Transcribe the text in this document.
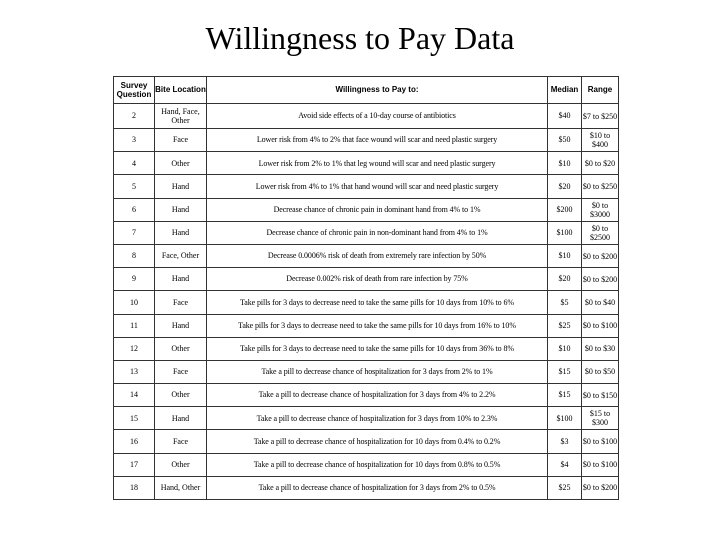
Willingness to Pay Data
Survey Question	Bite Location	Willingness to Pay to:	Median	Range
2	Hand, Face, Other	Avoid side effects of a 10-day course of antibiotics	$40	$7 to $250
3	Face	Lower risk from 4% to 2% that face wound will scar and need plastic surgery	$50	$10 to $400
4	Other	Lower risk from 2% to 1% that leg wound will scar and need plastic surgery	$10	$0 to $20
5	Hand	Lower risk from 4% to 1% that hand wound will scar and need plastic surgery	$20	$0 to $250
6	Hand	Decrease chance of chronic pain in dominant hand from 4% to 1%	$200	$0 to $3000
7	Hand	Decrease chance of chronic pain in non-dominant hand from 4% to 1%	$100	$0 to $2500
8	Face, Other	Decrease 0.0006% risk of death from extremely rare infection by 50%	$10	$0 to $200
9	Hand	Decrease 0.002% risk of death from rare infection by 75%	$20	$0 to $200
10	Face	Take pills for 3 days to decrease need to take the same pills for 10 days from 10% to 6%	$5	$0 to $40
11	Hand	Take pills for 3 days to decrease need to take the same pills for 10 days from 16% to 10%	$25	$0 to $100
12	Other	Take pills for 3 days to decrease need to take the same pills for 10 days from 36% to 8%	$10	$0 to $30
13	Face	Take a pill to decrease chance of hospitalization for 3 days from 2% to 1%	$15	$0 to $50
14	Other	Take a pill to decrease chance of hospitalization for 3 days from 4% to 2.2%	$15	$0 to $150
15	Hand	Take a pill to decrease chance of hospitalization for 3 days from 10% to 2.3%	$100	$15 to $300
16	Face	Take a pill to decrease chance of hospitalization for 10 days from 0.4% to 0.2%	$3	$0 to $100
17	Other	Take a pill to decrease chance of hospitalization for 10 days from 0.8% to 0.5%	$4	$0 to $100
18	Hand, Other	Take a pill to decrease chance of hospitalization for 3 days from 2% to 0.5%	$25	$0 to $200
